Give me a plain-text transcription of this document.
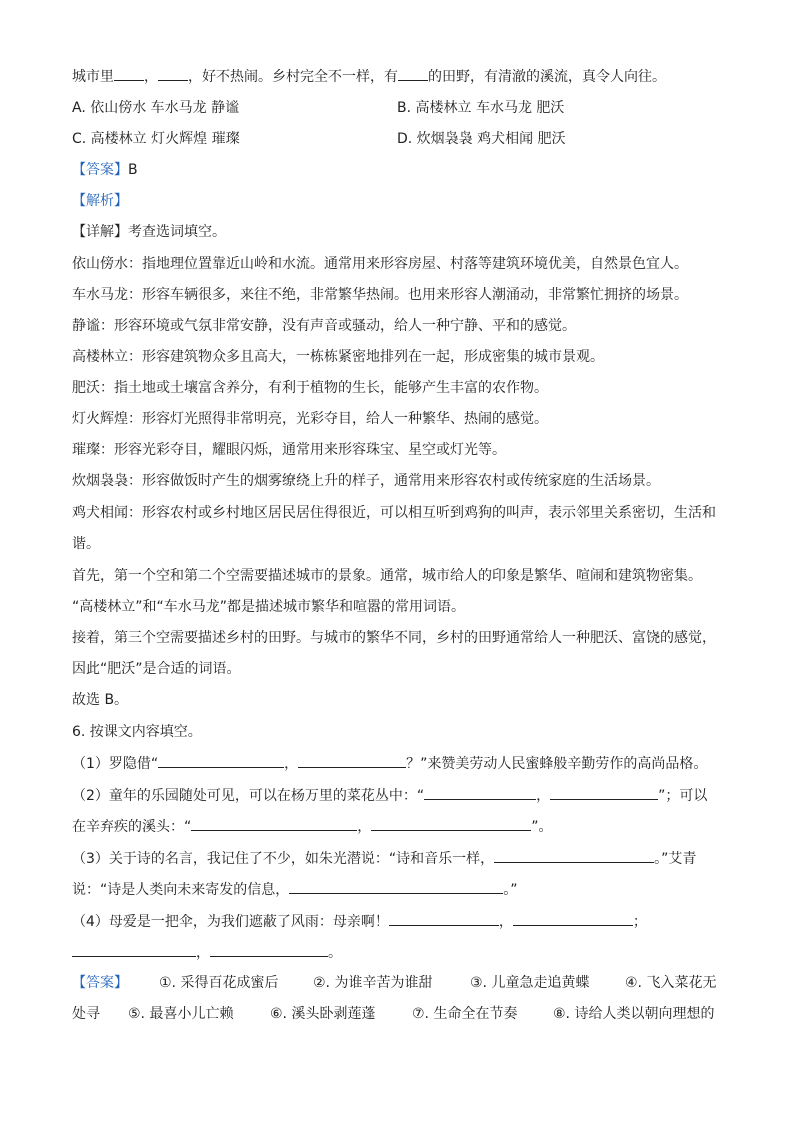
城市里 ， ，好不热闹。乡村完全不一样，有 的田野，有清澈的溪流，真令人向往。
A. 依山傍水 车水马龙 静谧	B. 高楼林立 车水马龙 肥沃
C. 高楼林立 灯火辉煌 璀璨	D. 炊烟袅袅 鸡犬相闻 肥沃
【答案】B
【解析】
【详解】考查选词填空。
依山傍水：指地理位置靠近山岭和水流。通常用来形容房屋、村落等建筑环境优美，自然景色宜人。
车水马龙：形容车辆很多，来往不绝，非常繁华热闹。也用来形容人潮涌动，非常繁忙拥挤的场景。
静谧：形容环境或气氛非常安静，没有声音或骚动，给人一种宁静、平和的感觉。
高楼林立：形容建筑物众多且高大，一栋栋紧密地排列在一起，形成密集的城市景观。
肥沃：指土地或土壤富含养分，有利于植物的生长，能够产生丰富的农作物。
灯火辉煌：形容灯光照得非常明亮，光彩夺目，给人一种繁华、热闹的感觉。
璀璨：形容光彩夺目，耀眼闪烁，通常用来形容珠宝、星空或灯光等。
炊烟袅袅：形容做饭时产生的烟雾缭绕上升的样子，通常用来形容农村或传统家庭的生活场景。
鸡犬相闻：形容农村或乡村地区居民居住得很近，可以相互听到鸡狗的叫声，表示邻里关系密切，生活和
谐。
首先，第一个空和第二个空需要描述城市的景象。通常，城市给人的印象是繁华、喧闹和建筑物密集。
“高楼林立”和“车水马龙”都是描述城市繁华和喧嚣的常用词语。
接着，第三个空需要描述乡村的田野。与城市的繁华不同，乡村的田野通常给人一种肥沃、富饶的感觉，
因此“肥沃”是合适的词语。
故选 B。
6. 按课文内容填空。
（1）罗隐借“	，	？”来赞美劳动人民蜜蜂般辛勤劳作的高尚品格。
（2）童年的乐园随处可见，可以在杨万里的菜花丛中：“	，	”；可以
在辛弃疾的溪头：“	，	”。
（3）关于诗的名言，我记住了不少，如朱光潜说：“诗和音乐一样，	。”艾青
说：“诗是人类向未来寄发的信息，	。”
（4）母爱是一把伞，为我们遮蔽了风雨：母亲啊！	，	；
，	。
【答案】 ①. 采得百花成蜜后 ②. 为谁辛苦为谁甜	③. 儿童急走追黄蝶	④. 飞入菜花无
处寻 ⑤. 最喜小儿亡赖	⑥. 溪头卧剥莲蓬	⑦. 生命全在节奏	⑧. 诗给人类以朝向理想的
